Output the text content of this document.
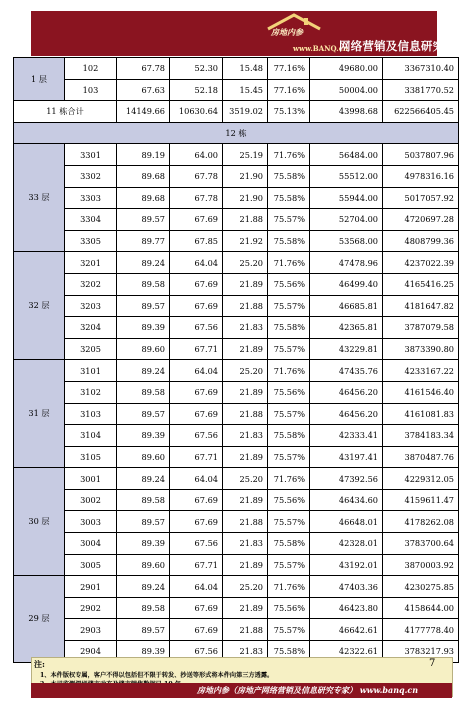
房地内参
www.BANQ.cn
网络营销及信息研究专家
1 层	102	67.78	52.30	15.48	77.16%	49680.00	3367310.40
	103	67.63	52.18	15.45	77.16%	50004.00	3381770.52
11 栋合计		14149.66	10630.64	3519.02	75.13%	43998.68	622566405.45
12 栋							
33 层	3301	89.19	64.00	25.19	71.76%	56484.00	5037807.96
	3302	89.68	67.78	21.90	75.58%	55512.00	4978316.16
	3303	89.68	67.78	21.90	75.58%	55944.00	5017057.92
	3304	89.57	67.69	21.88	75.57%	52704.00	4720697.28
	3305	89.77	67.85	21.92	75.58%	53568.00	4808799.36
32 层	3201	89.24	64.04	25.20	71.76%	47478.96	4237022.39
	3202	89.58	67.69	21.89	75.56%	46499.40	4165416.25
	3203	89.57	67.69	21.88	75.57%	46685.81	4181647.82
	3204	89.39	67.56	21.83	75.58%	42365.81	3787079.58
	3205	89.60	67.71	21.89	75.57%	43229.81	3873390.80
31 层	3101	89.24	64.04	25.20	71.76%	47435.76	4233167.22
	3102	89.58	67.69	21.89	75.56%	46456.20	4161546.40
	3103	89.57	67.69	21.88	75.57%	46456.20	4161081.83
	3104	89.39	67.56	21.83	75.58%	42333.41	3784183.34
	3105	89.60	67.71	21.89	75.57%	43197.41	3870487.76
30 层	3001	89.24	64.04	25.20	71.76%	47392.56	4229312.05
	3002	89.58	67.69	21.89	75.56%	46434.60	4159611.47
	3003	89.57	67.69	21.88	75.57%	46648.01	4178262.08
	3004	89.39	67.56	21.83	75.58%	42328.01	3783700.64
	3005	89.60	67.71	21.89	75.57%	43192.01	3870003.92
29 层	2901	89.24	64.04	25.20	71.76%	47403.36	4230275.85
	2902	89.58	67.69	21.89	75.56%	46423.80	4158644.00
	2903	89.57	67.69	21.88	75.57%	46642.61	4177778.40
	2904	89.39	67.56	21.83	75.58%	42322.61	3783217.93
注:
1、本件版权专属，客户不得以包括但不限于转发、抄送等形式将本件向第三方透露。
7
房地内参（房地产网络营销及信息研究专家） www.banq.cn
